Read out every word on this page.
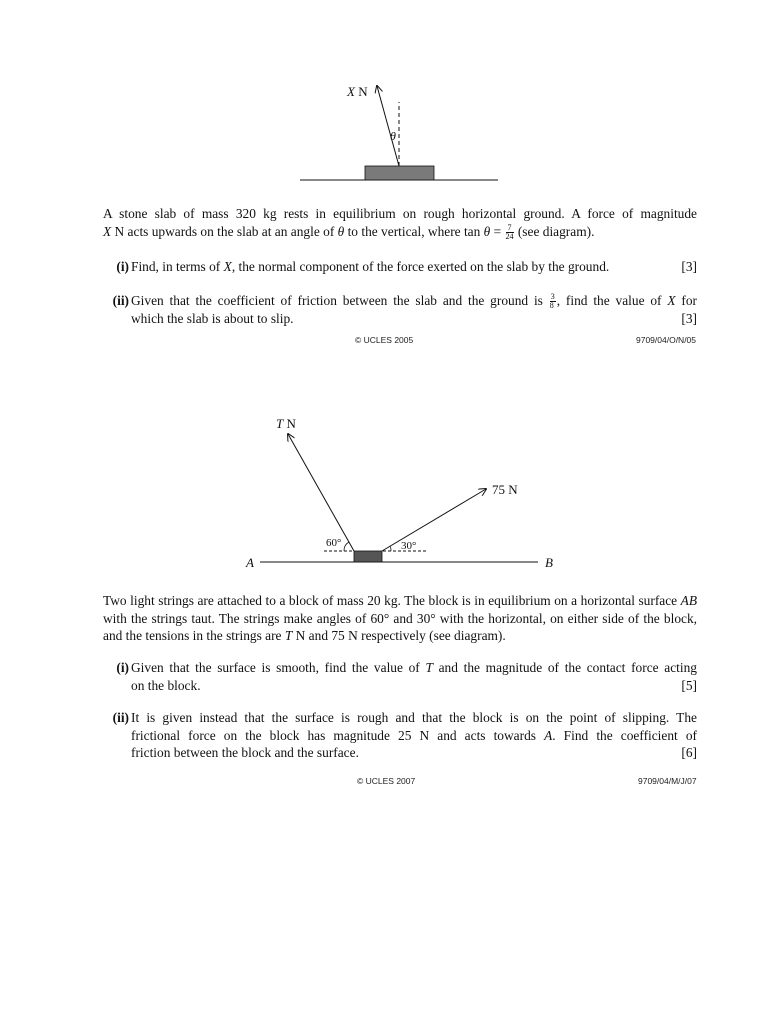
X N
θ
A stone slab of mass 320 kg rests in equilibrium on rough horizontal ground. A force of magnitude
X N acts upwards on the slab at an angle of θ to the vertical, where $\tan \theta = \frac{7}{24} (see$ diagram).
(i)	[3]
Find, in terms of X, the normal component of the force exerted on the slab by the ground.
(ii) Given that the coefficient of friction between the slab and the ground is $\frac{3}{8}$ , find the value of X for
[3]
which the slab is about to slip.
© UCLES 2005	9709/04/O/N/05
T N
75 N
60°	30°
A	B
Two light strings are attached to a block of mass 20 kg. The block is in equilibrium on a horizontal surface AB with the strings taut. The strings make angles of 60° and 30° with the horizontal, on either side of the block, and the tensions in the strings are T N and 75 N respectively (see diagram).
(i) Given that the surface is smooth, find the value of T and the magnitude of the contact force acting
[5]
on the block.
(ii) It is given instead that the surface is rough and that the block is on the point of slipping. The
frictional force on the block has magnitude 25 N and acts towards A. Find the coefficient of
[6]
friction between the block and the surface.
© UCLES 2007	9709/04/M/J/07
